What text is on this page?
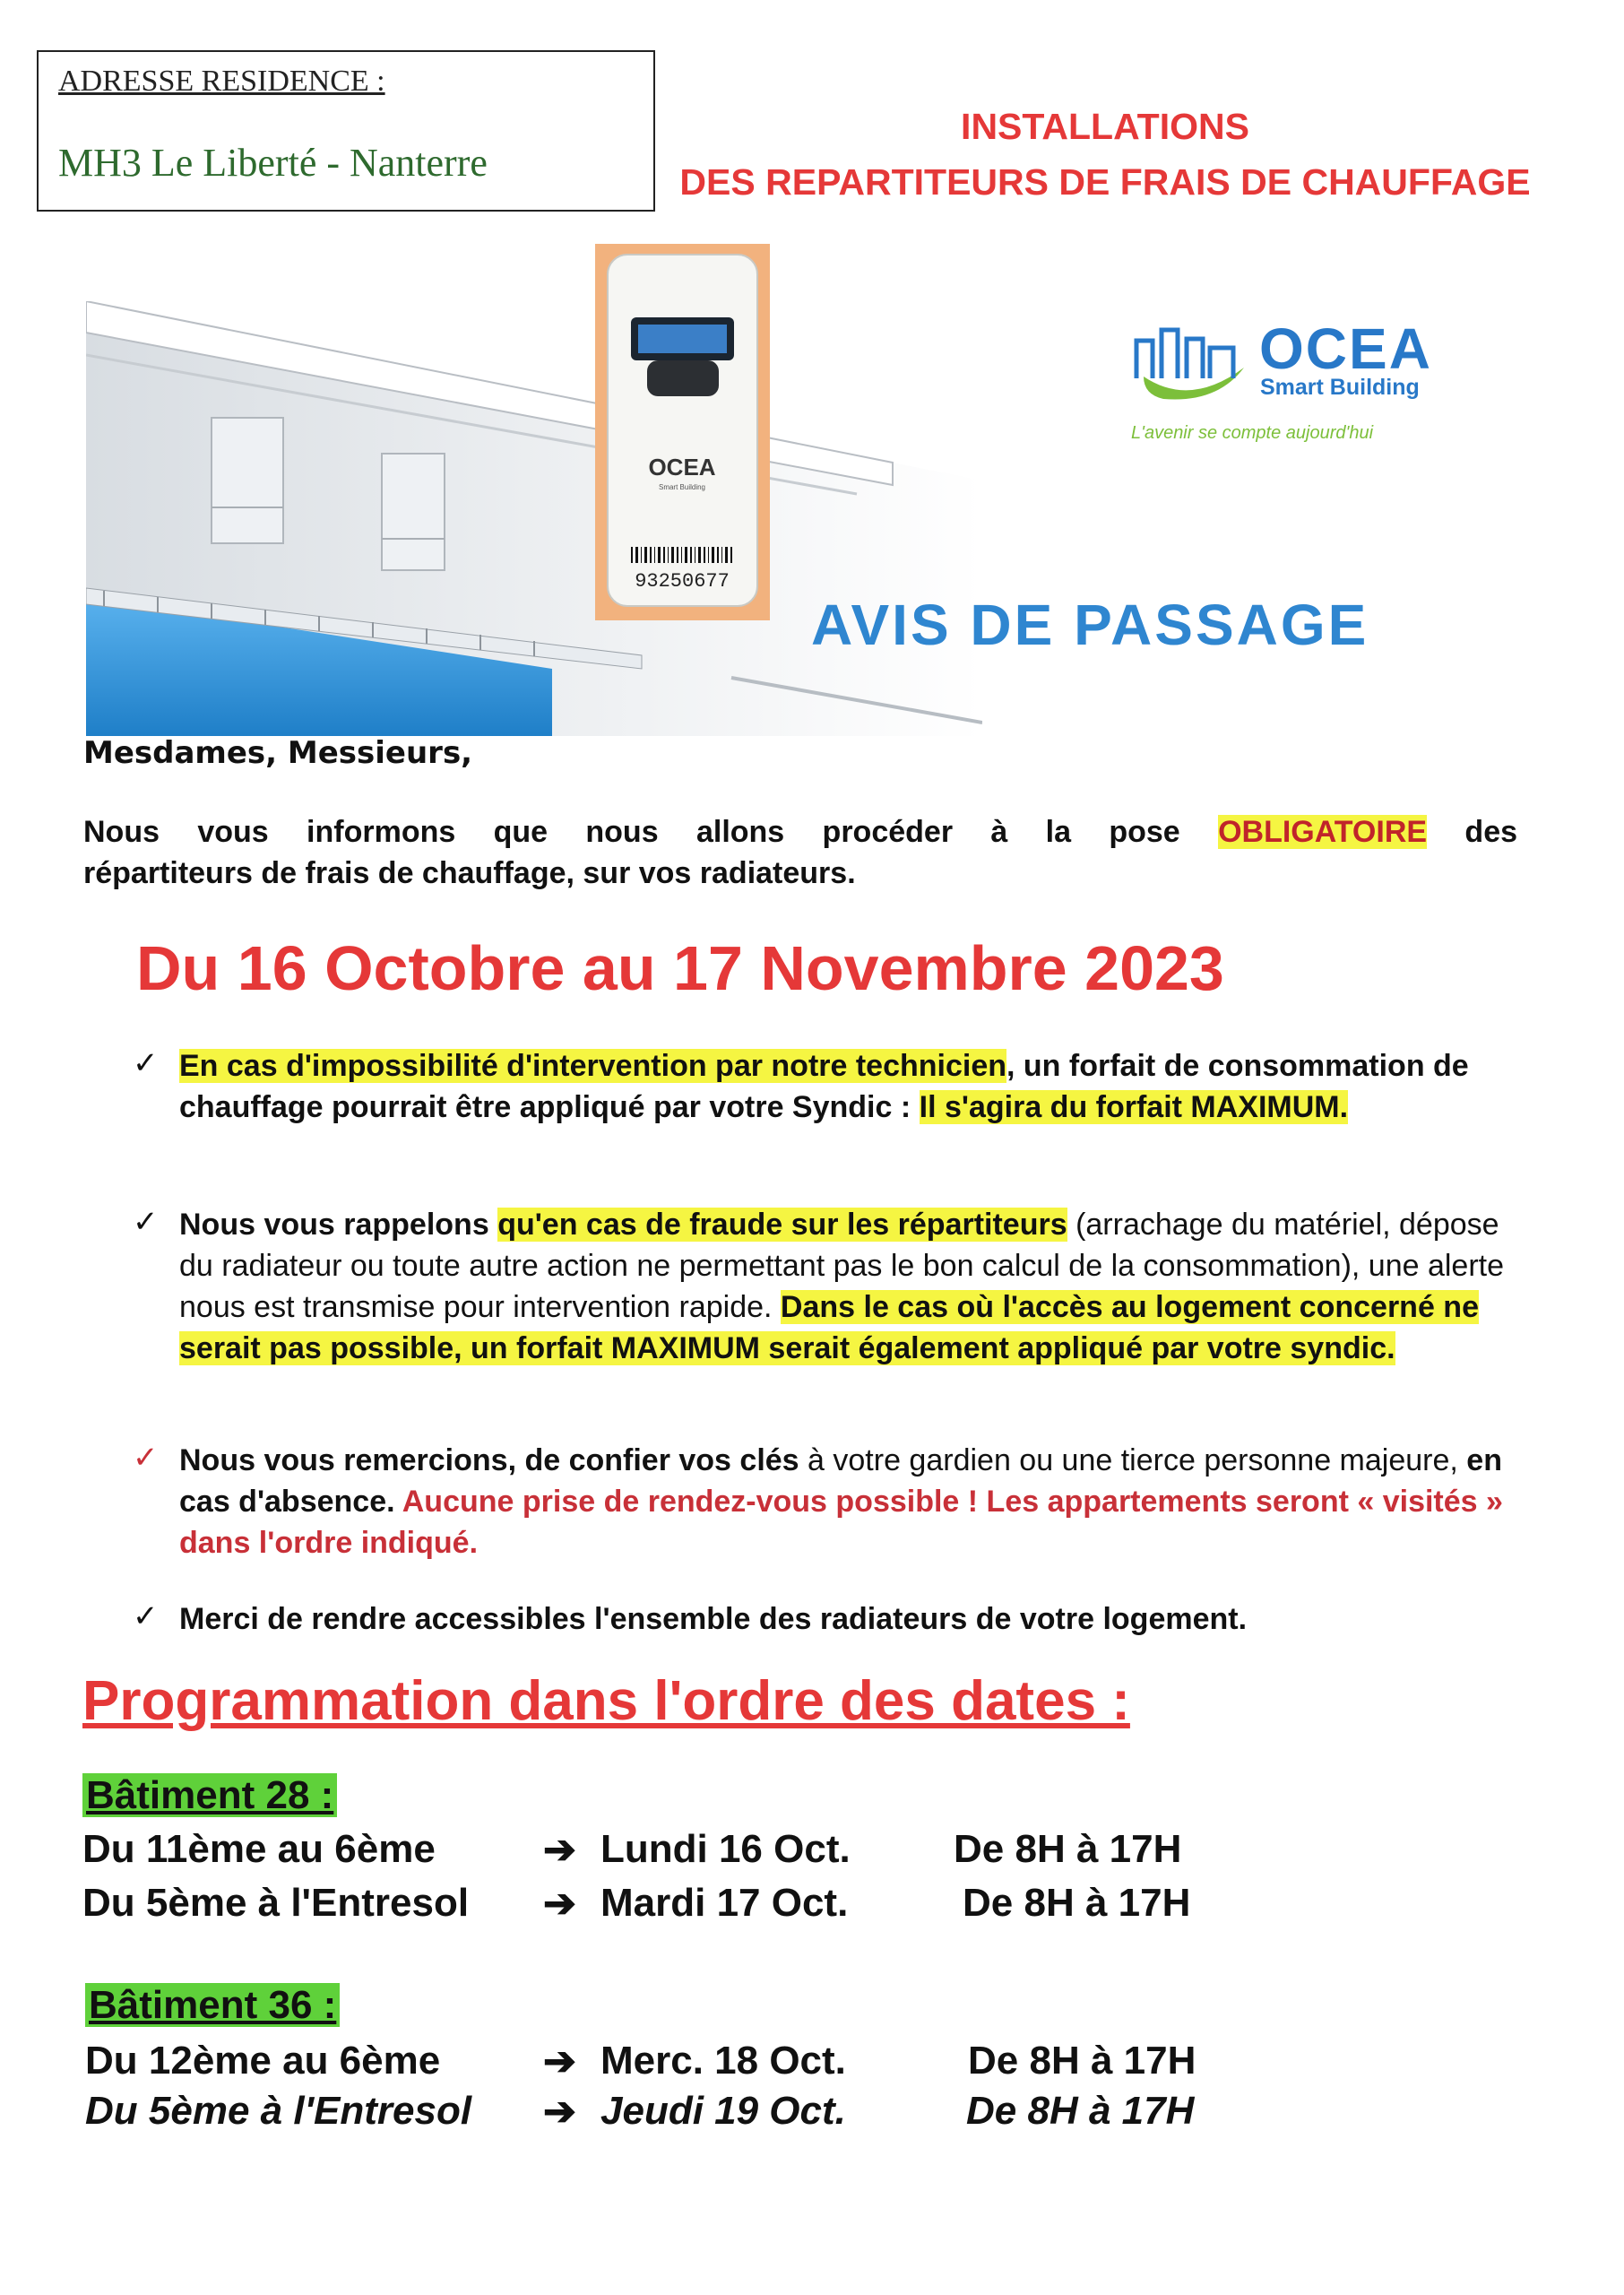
ADRESSE RESIDENCE :
MH3 Le Liberté - Nanterre
INSTALLATIONS
DES REPARTITEURS DE FRAIS DE CHAUFFAGE
OCEA
Smart Building
93250677
OCEA
Smart Building
L'avenir se compte aujourd'hui
AVIS DE PASSAGE
Mesdames, Messieurs,
Nous vous informons que nous allons procéder à la pose OBLIGATOIRE des
répartiteurs de frais de chauffage, sur vos radiateurs.
Du 16 Octobre au 17 Novembre 2023
✓ En cas d'impossibilité d'intervention par notre technicien, un forfait de consommation de chauffage pourrait être appliqué par votre Syndic : Il s'agira du forfait MAXIMUM.
✓ Nous vous rappelons qu'en cas de fraude sur les répartiteurs (arrachage du matériel, dépose du radiateur ou toute autre action ne permettant pas le bon calcul de la consommation), une alerte nous est transmise pour intervention rapide. Dans le cas où l'accès au logement concerné ne serait pas possible, un forfait MAXIMUM serait également appliqué par votre syndic.
✓ Nous vous remercions, de confier vos clés à votre gardien ou une tierce personne majeure, en cas d'absence. Aucune prise de rendez-vous possible ! Les appartements seront « visités » dans l'ordre indiqué.
✓ Merci de rendre accessibles l'ensemble des radiateurs de votre logement.
Programmation dans l'ordre des dates :
Bâtiment 28 :
Du 11ème au 6ème	➔ Lundi 16 Oct.	De 8H à 17H
Du 5ème à l'Entresol ➔ Mardi 17 Oct.	De 8H à 17H
Bâtiment 36 :
Du 12ème au 6ème	➔ Merc. 18 Oct.	De 8H à 17H
Du 5ème à l'Entresol ➔ Jeudi 19 Oct.	De 8H à 17H
